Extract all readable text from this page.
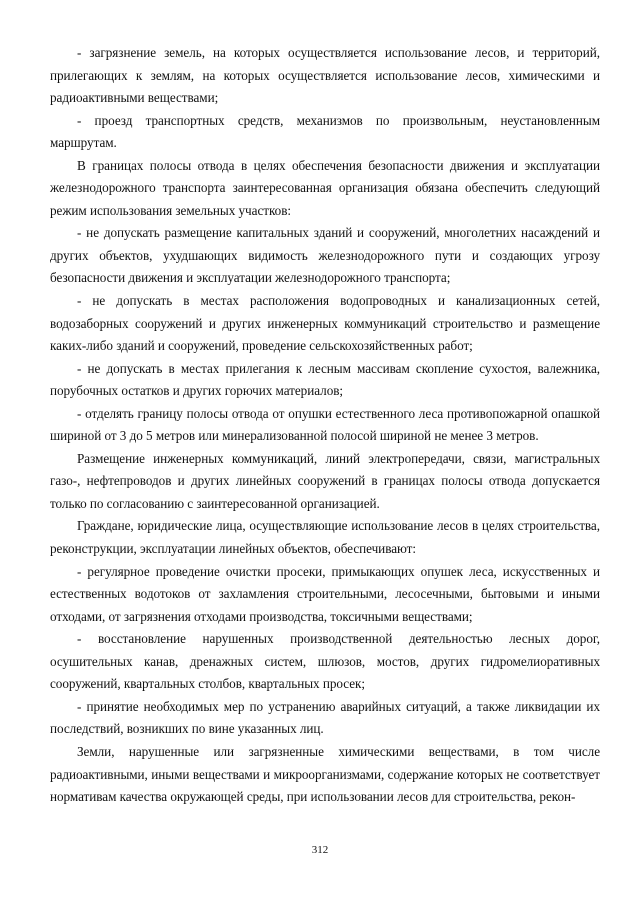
- загрязнение земель, на которых осуществляется использование лесов, и территорий, прилегающих к землям, на которых осуществляется использование лесов, химическими и радиоактивными веществами;

- проезд транспортных средств, механизмов по произвольным, неустановленным маршрутам.

В границах полосы отвода в целях обеспечения безопасности движения и эксплуатации железнодорожного транспорта заинтересованная организация обязана обеспечить следующий режим использования земельных участков:

- не допускать размещение капитальных зданий и сооружений, многолетних насаждений и других объектов, ухудшающих видимость железнодорожного пути и создающих угрозу безопасности движения и эксплуатации железнодорожного транспорта;

- не допускать в местах расположения водопроводных и канализационных сетей, водозаборных сооружений и других инженерных коммуникаций строительство и размещение каких-либо зданий и сооружений, проведение сельскохозяйственных работ;

- не допускать в местах прилегания к лесным массивам скопление сухостоя, валежника, порубочных остатков и других горючих материалов;

- отделять границу полосы отвода от опушки естественного леса противопожарной опашкой шириной от 3 до 5 метров или минерализованной полосой шириной не менее 3 метров.

Размещение инженерных коммуникаций, линий электропередачи, связи, магистральных газо-, нефтепроводов и других линейных сооружений в границах полосы отвода допускается только по согласованию с заинтересованной организацией.

Граждане, юридические лица, осуществляющие использование лесов в целях строительства, реконструкции, эксплуатации линейных объектов, обеспечивают:

- регулярное проведение очистки просеки, примыкающих опушек леса, искусственных и естественных водотоков от захламления строительными, лесосечными, бытовыми и иными отходами, от загрязнения отходами производства, токсичными веществами;

- восстановление нарушенных производственной деятельностью лесных дорог, осушительных канав, дренажных систем, шлюзов, мостов, других гидромелиоративных сооружений, квартальных столбов, квартальных просек;

- принятие необходимых мер по устранению аварийных ситуаций, а также ликвидации их последствий, возникших по вине указанных лиц.

Земли, нарушенные или загрязненные химическими веществами, в том числе радиоактивными, иными веществами и микроорганизмами, содержание которых не соответствует нормативам качества окружающей среды, при использовании лесов для строительства, рекон-

312
